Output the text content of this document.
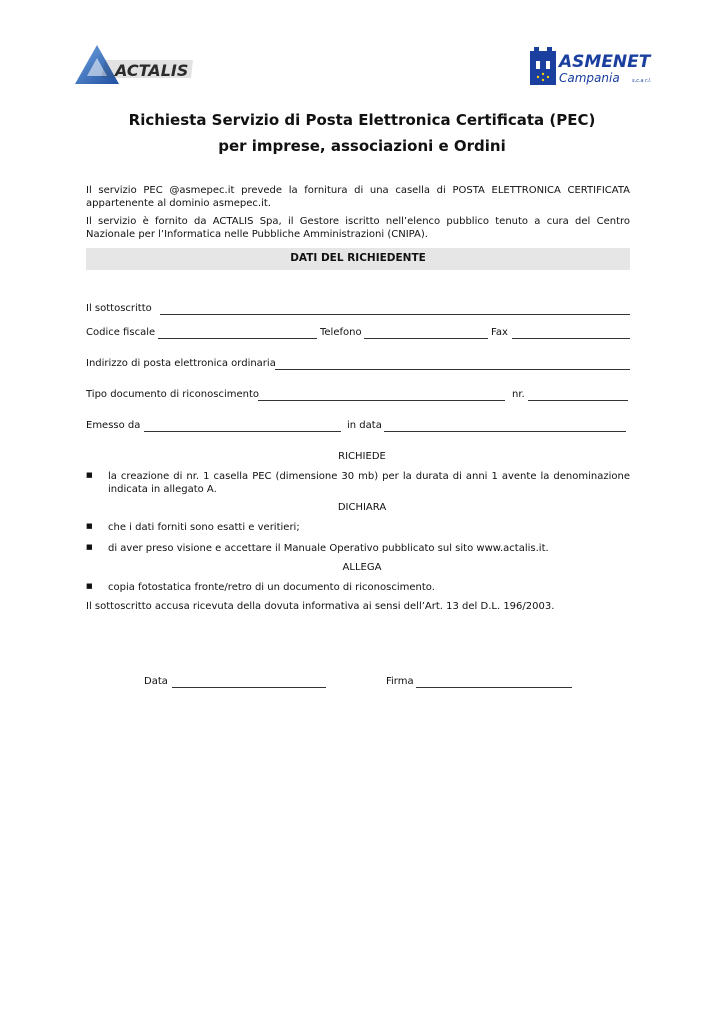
ACTALIS	ASMENET
Campania s.c.a r.l.
Richiesta Servizio di Posta Elettronica Certificata (PEC)
per imprese, associazioni e Ordini
Il servizio PEC @asmepec.it prevede la fornitura di una casella di POSTA ELETTRONICA CERTIFICATA appartenente al dominio asmepec.it.
Il servizio è fornito da ACTALIS Spa, il Gestore iscritto nell’elenco pubblico tenuto a cura del Centro Nazionale per l’Informatica nelle Pubbliche Amministrazioni (CNIPA).
DATI DEL RICHIEDENTE
Il sottoscritto
Codice fiscale	Telefono	Fax
Indirizzo di posta elettronica ordinaria
Tipo documento di riconoscimento	nr.
Emesso da	in data
RICHIEDE
■ la creazione di nr. 1 casella PEC (dimensione 30 mb) per la durata di anni 1 avente la denominazione indicata in allegato A.
DICHIARA
■ che i dati forniti sono esatti e veritieri;
■ di aver preso visione e accettare il Manuale Operativo pubblicato sul sito www.actalis.it.
ALLEGA
■ copia fotostatica fronte/retro di un documento di riconoscimento.
Il sottoscritto accusa ricevuta della dovuta informativa ai sensi dell’Art. 13 del D.L. 196/2003.
Data	Firma
